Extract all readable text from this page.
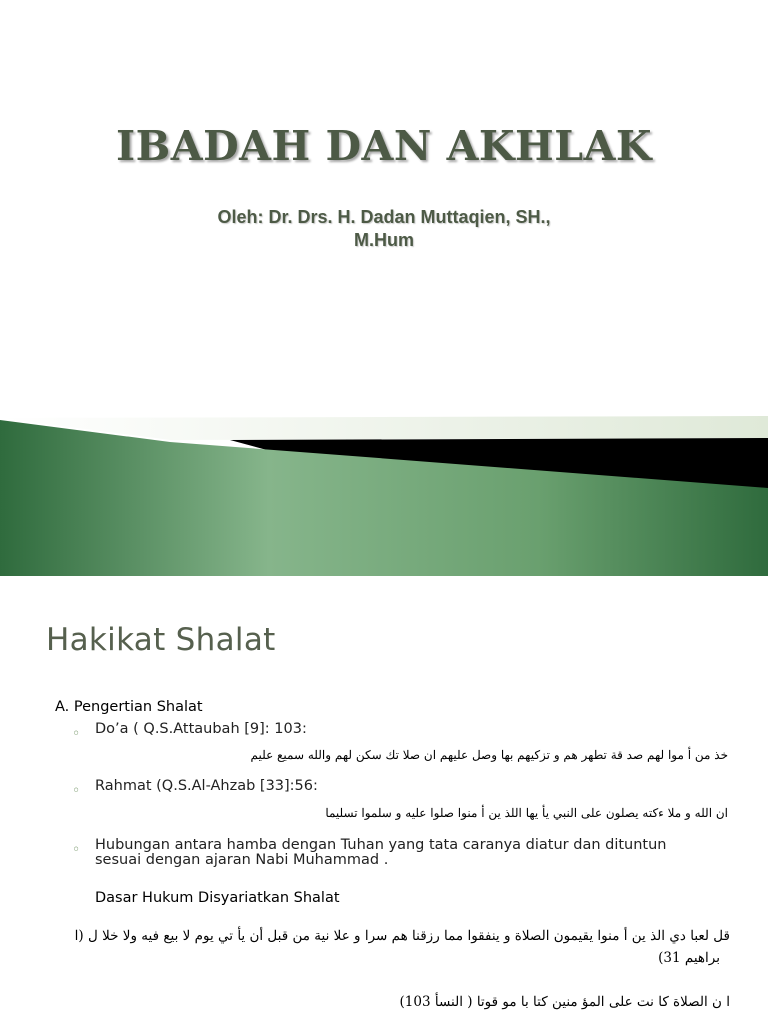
IBADAH DAN AKHLAK
Oleh: Dr. Drs. H. Dadan Muttaqien, SH.,
M.Hum
Hakikat Shalat

A. Pengertian Shalat

◦ Do’a ( Q.S.Attaubah [9]: 103:

خذ من أ موا لهم صد قة تطهر هم و تزكيهم بها وصل عليهم ان صلا تك سكن لهم والله سميع عليم

◦ Rahmat (Q.S.Al-Ahzab [33]:56:

ان الله و ملا ءكته يصلون على النبي يأ يها اللذ ين أ منوا صلوا عليه و سلموا تسليما

◦ Hubungan antara hamba dengan Tuhan yang tata caranya diatur dan dituntun
sesuai dengan ajaran Nabi Muhammad .

Dasar Hukum Disyariatkan Shalat

قل لعبا دي الذ ين أ منوا يقيمون الصلاة و ينفقوا مما رزقنا هم سرا و علا نية من قبل أن يأ تي يوم لا بيع فيه ولا خلا ل (ا

براهيم 31)

ا ن الصلاة كا نت على المؤ منين كتا با مو قوتا ( النسأ 103)
